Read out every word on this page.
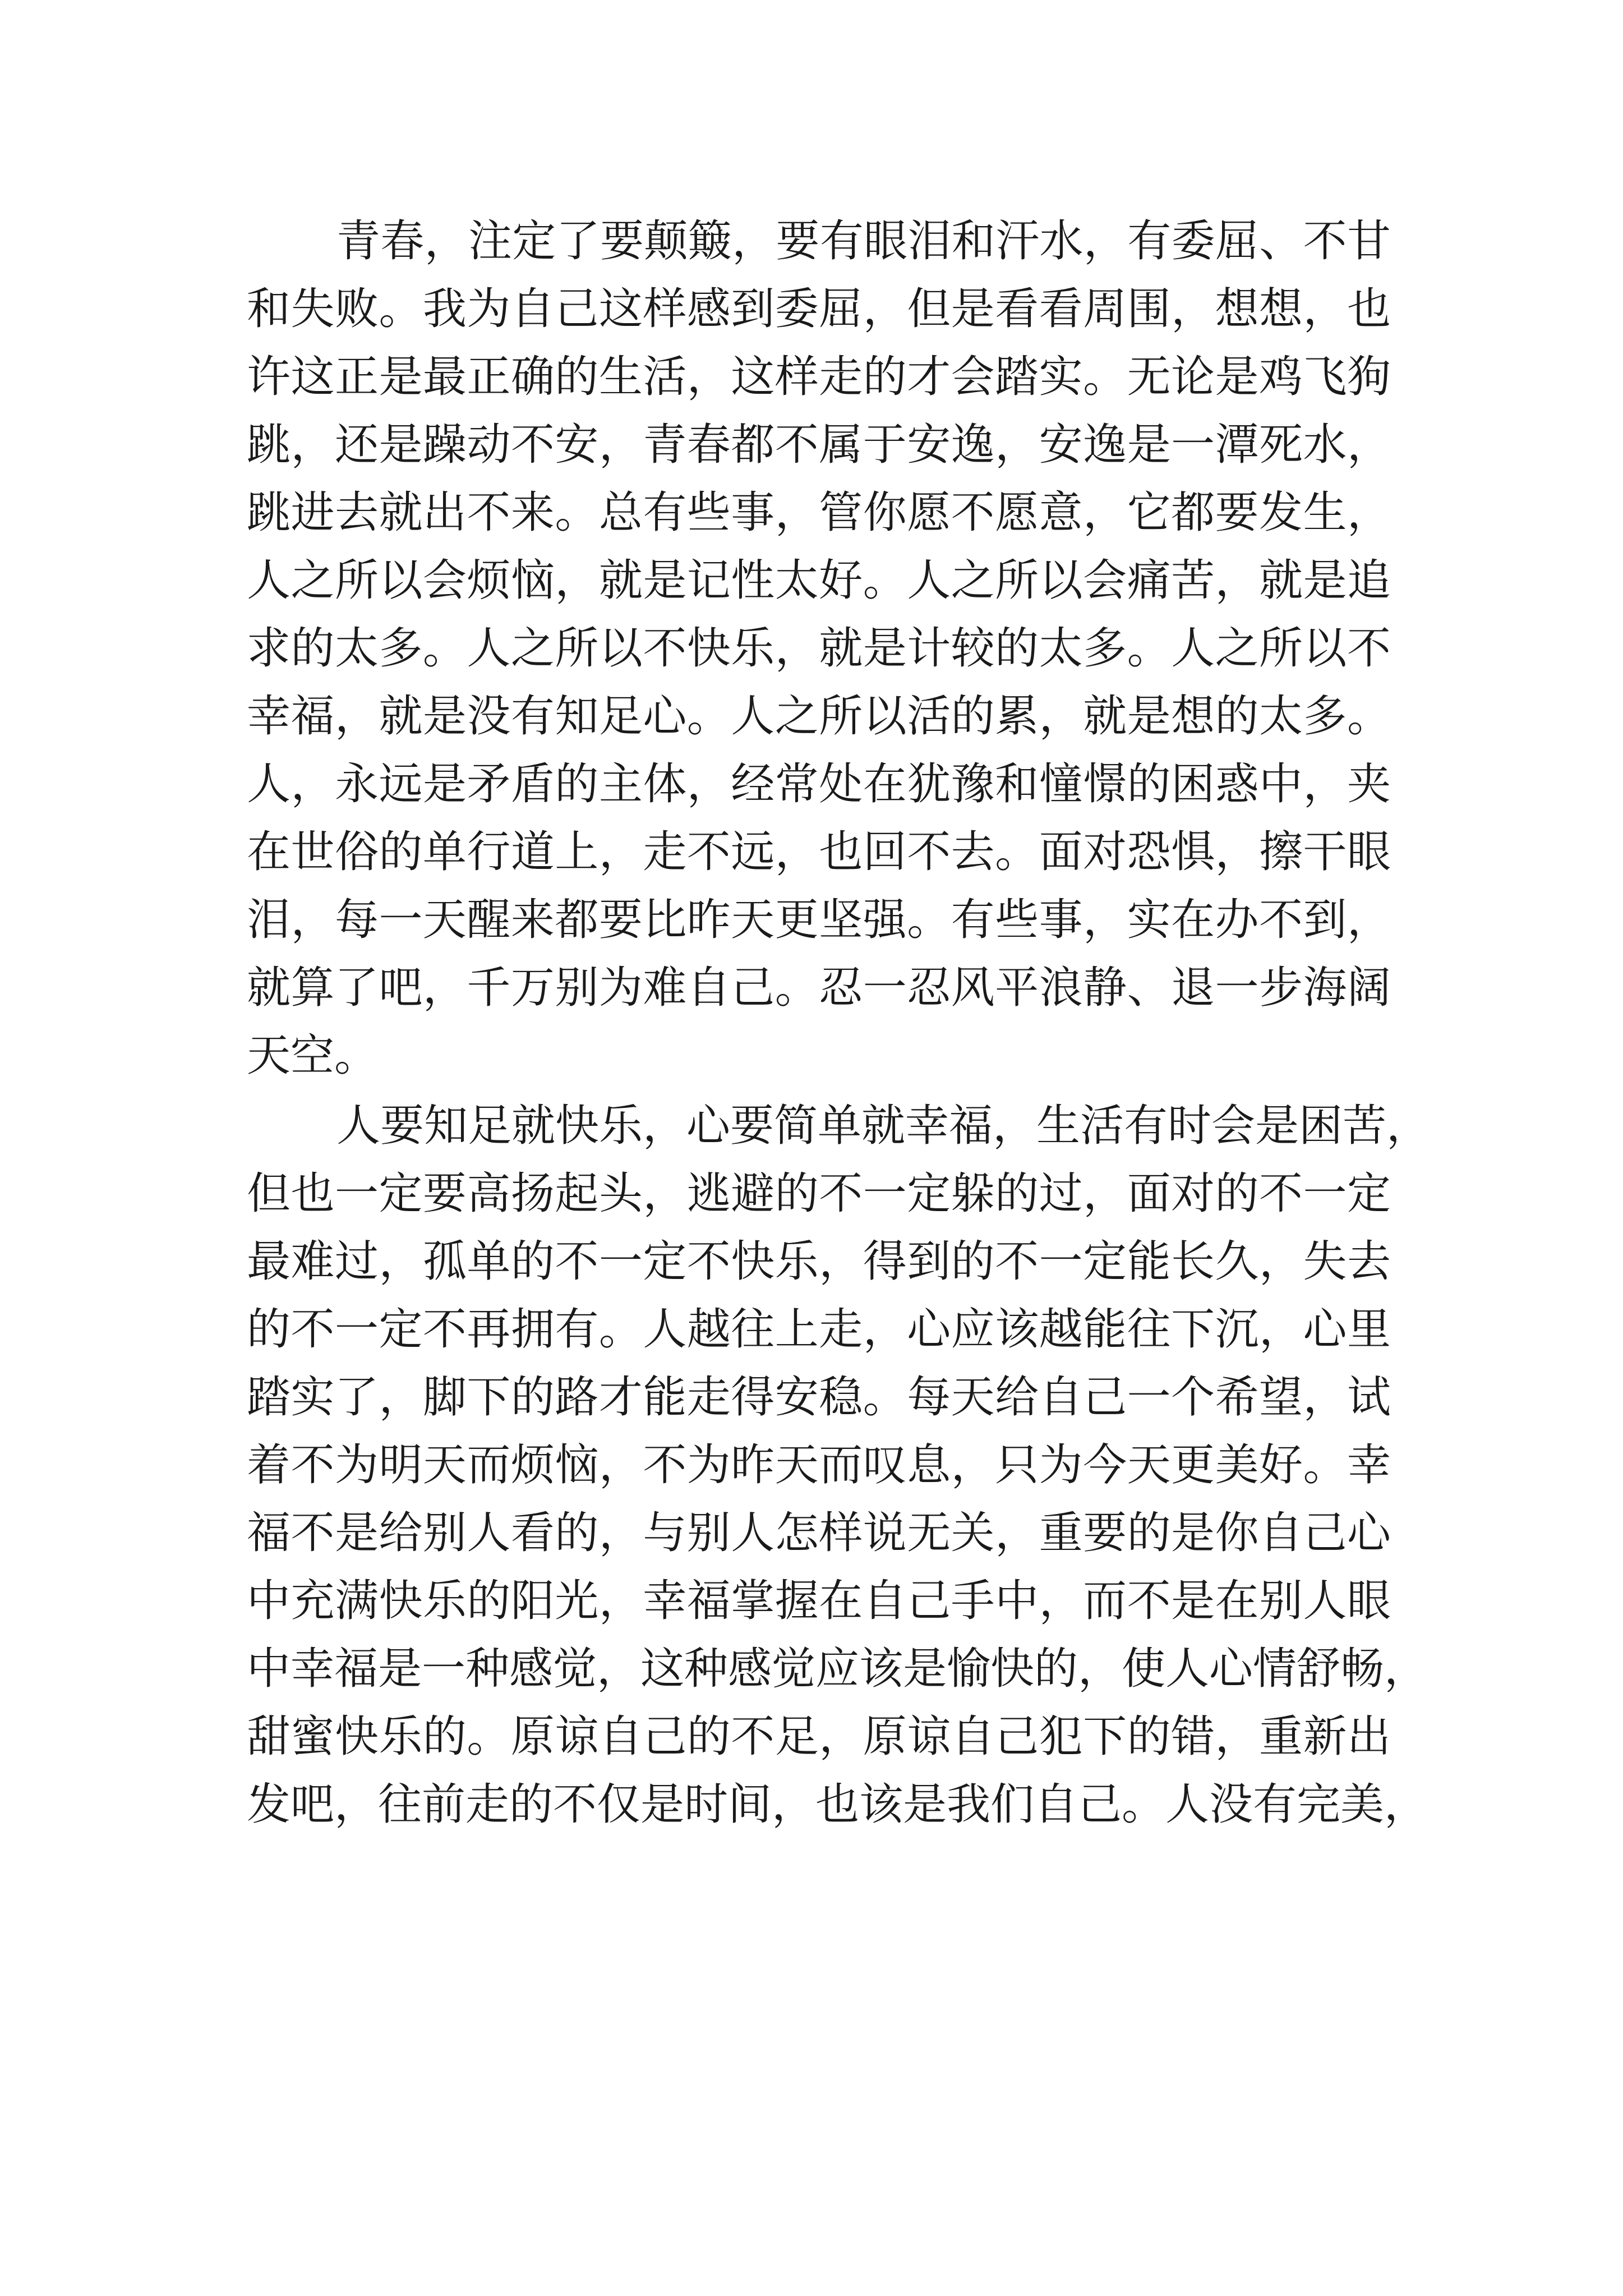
青春，注定了要颠簸，要有眼泪和汗水，有委屈、不甘
和失败。我为自己这样感到委屈，但是看看周围，想想，也
许这正是最正确的生活，这样走的才会踏实。无论是鸡飞狗
跳，还是躁动不安，青春都不属于安逸，安逸是一潭死水，
跳进去就出不来。总有些事，管你愿不愿意，它都要发生，
人之所以会烦恼，就是记性太好。人之所以会痛苦，就是追
求的太多。人之所以不快乐，就是计较的太多。人之所以不
幸福，就是没有知足心。人之所以活的累，就是想的太多。
人，永远是矛盾的主体，经常处在犹豫和憧憬的困惑中，夹
在世俗的单行道上，走不远，也回不去。面对恐惧，擦干眼
泪，每一天醒来都要比昨天更坚强。有些事，实在办不到，
就算了吧，千万别为难自己。忍一忍风平浪静、退一步海阔
天空。
人要知足就快乐，心要简单就幸福，生活有时会是困苦，
但也一定要高扬起头，逃避的不一定躲的过，面对的不一定
最难过，孤单的不一定不快乐，得到的不一定能长久，失去
的不一定不再拥有。人越往上走，心应该越能往下沉，心里
踏实了，脚下的路才能走得安稳。每天给自己一个希望，试
着不为明天而烦恼，不为昨天而叹息，只为今天更美好。幸
福不是给别人看的，与别人怎样说无关，重要的是你自己心
中充满快乐的阳光，幸福掌握在自己手中，而不是在别人眼
中幸福是一种感觉，这种感觉应该是愉快的，使人心情舒畅，
甜蜜快乐的。原谅自己的不足，原谅自己犯下的错，重新出
发吧，往前走的不仅是时间，也该是我们自己。人没有完美，
